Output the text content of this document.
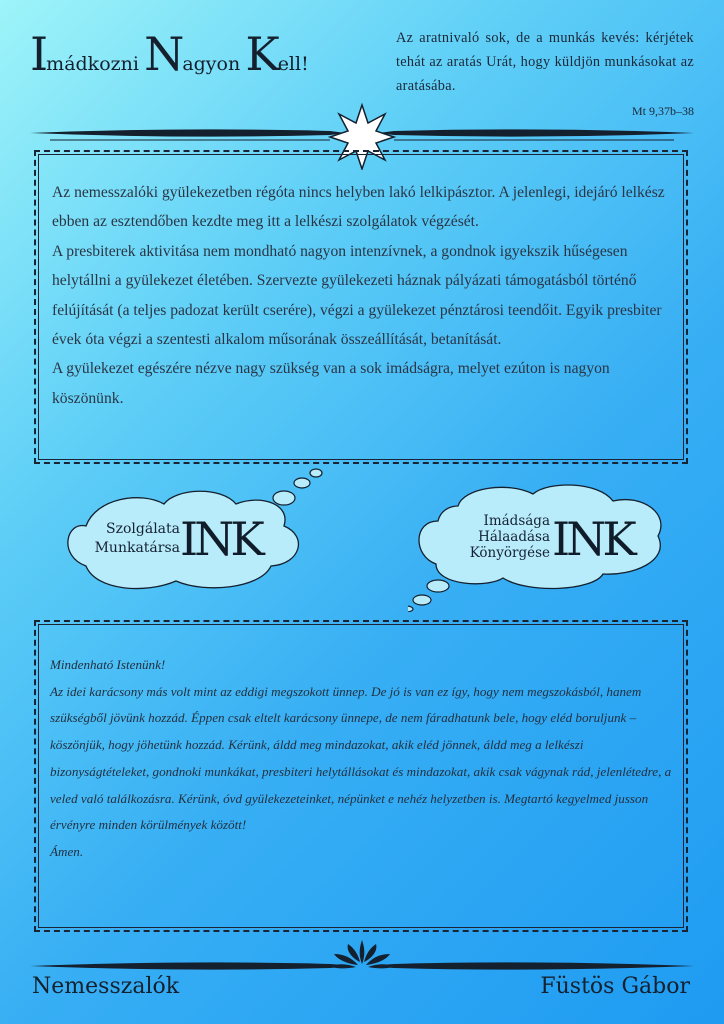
Imádkozni Nagyon Kell!
Az aratnivaló sok, de a munkás kevés: kérjétek tehát az aratás Urát, hogy küldjön munkásokat az aratásába.
Mt 9,37b–38
Az nemesszalóki gyülekezetben régóta nincs helyben lakó lelkipásztor. A jelenlegi, idejáró lelkész ebben az esztendőben kezdte meg itt a lelkészi szolgálatok végzését.
A presbiterek aktivitása nem mondható nagyon intenzívnek, a gondnok igyekszik hűségesen helytállni a gyülekezet életében. Szervezte gyülekezeti háznak pályázati támogatásból történő felújítását (a teljes padozat került cserére), végzi a gyülekezet pénztárosi teendőit. Egyik presbiter évek óta végzi a szentesti alkalom műsorának összeállítását, betanítását.
A gyülekezet egészére nézve nagy szükség van a sok imádságra, melyet ezúton is nagyon köszönünk.
Szolgálata
Munkatársa INK	Imádsága
Hálaadása
Könyörgése INK
Mindenható Istenünk!
Az idei karácsony más volt mint az eddigi megszokott ünnep. De jó is van ez így, hogy nem megszokásból, hanem szükségből jövünk hozzád. Éppen csak eltelt karácsony ünnepe, de nem fáradhatunk bele, hogy eléd boruljunk – köszönjük, hogy jöhetünk hozzád. Kérünk, áldd meg mindazokat, akik eléd jönnek, áldd meg a lelkészi bizonyságtételeket, gondnoki munkákat, presbiteri helytállásokat és mindazokat, akik csak vágynak rád, jelenlétedre, a veled való találkozásra. Kérünk, óvd gyülekezeteinket, népünket e nehéz helyzetben is. Megtartó kegyelmed jusson érvényre minden körülmények között!
Ámen.
Nemesszalók	Füstös Gábor
